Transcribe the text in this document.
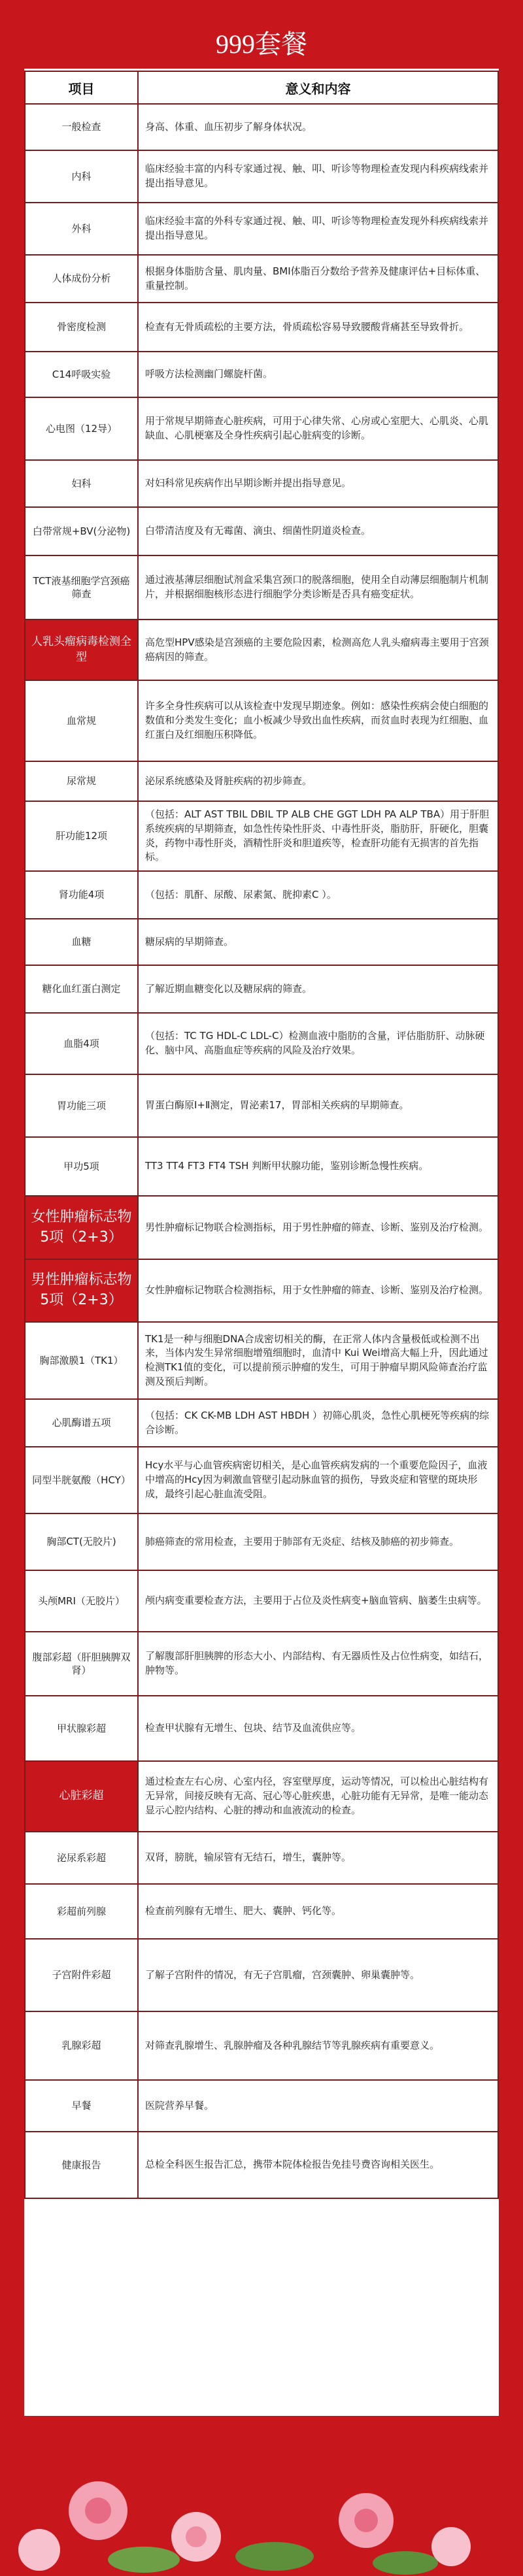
999套餐
项目	意义和内容
一般检查	身高、体重、血压初步了解身体状况。
内科	临床经验丰富的内科专家通过视、触、叩、听诊等物理检查发现内科疾病线索并提出指导意见。
外科	临床经验丰富的外科专家通过视、触、叩、听诊等物理检查发现外科疾病线索并提出指导意见。
人体成份分析	根据身体脂肪含量、肌肉量、BMI体脂百分数给予营养及健康评估+目标体重、重量控制。
骨密度检测	检查有无骨质疏松的主要方法，骨质疏松容易导致腰酸背痛甚至导致骨折。
C14呼吸实验	呼吸方法检测幽门螺旋杆菌。
心电图（12导）	用于常规早期筛查心脏疾病，可用于心律失常、心房或心室肥大、心肌炎、心肌缺血、心肌梗塞及全身性疾病引起心脏病变的诊断。
妇科	对妇科常见疾病作出早期诊断并提出指导意见。
白带常规+BV(分泌物)	白带清洁度及有无霉菌、滴虫、细菌性阴道炎检查。
TCT液基细胞学宫颈癌筛查	通过液基薄层细胞试剂盒采集宫颈口的脱落细胞，使用全自动薄层细胞制片机制片，并根据细胞核形态进行细胞学分类诊断是否具有癌变症状。
人乳头瘤病毒检测全型	高危型HPV感染是宫颈癌的主要危险因素，检测高危人乳头瘤病毒主要用于宫颈癌病因的筛查。
血常规	许多全身性疾病可以从该检查中发现早期迹象。例如：感染性疾病会使白细胞的数值和分类发生变化；血小板减少导致出血性疾病，而贫血时表现为红细胞、血红蛋白及红细胞压积降低。
尿常规	泌尿系统感染及肾脏疾病的初步筛查。
肝功能12项	（包括：ALT AST TBIL DBIL TP ALB CHE GGT LDH PA ALP TBA）用于肝胆系统疾病的早期筛查，如急性传染性肝炎、中毒性肝炎，脂肪肝，肝硬化，胆囊炎，药物中毒性肝炎，酒精性肝炎和胆道疾等，检查肝功能有无损害的首先指标。
肾功能4项	（包括：肌酐、尿酸、尿素氮、胱抑素C ）。
血糖	糖尿病的早期筛查。
糖化血红蛋白测定	了解近期血糖变化以及糖尿病的筛查。
血脂4项	（包括：TC TG HDL-C LDL-C）检测血液中脂肪的含量，评估脂肪肝、动脉硬化、脑中风、高脂血症等疾病的风险及治疗效果。
胃功能三项	胃蛋白酶原Ⅰ+Ⅱ测定，胃泌素17，胃部相关疾病的早期筛查。
甲功5项	TT3 TT4 FT3 FT4 TSH 判断甲状腺功能，鉴别诊断急慢性疾病。
女性肿瘤标志物5项（2+3）	男性肿瘤标记物联合检测指标，用于男性肿瘤的筛查、诊断、鉴别及治疗检测。
男性肿瘤标志物5项（2+3）	女性肿瘤标记物联合检测指标，用于女性肿瘤的筛查、诊断、鉴别及治疗检测。
胸部激膜1（TK1）	TK1是一种与细胞DNA合成密切相关的酶，在正常人体内含量极低或检测不出来，当体内发生异常细胞增殖细胞时，血清中 Kui Wei增高大幅上升，因此通过检测TK1值的变化，可以提前预示肿瘤的发生，可用于肿瘤早期风险筛查治疗监测及预后判断。
心肌酶谱五项	（包括：CK CK-MB LDH AST HBDH ）初筛心肌炎，急性心肌梗死等疾病的综合诊断。
同型半胱氨酸（HCY）	Hcy水平与心血管疾病密切相关，是心血管疾病发病的一个重要危险因子，血液中增高的Hcy因为刺激血管壁引起动脉血管的损伤，导致炎症和管壁的斑块形成，最终引起心脏血流受阻。
胸部CT(无胶片)	肺癌筛查的常用检查，主要用于肺部有无炎症、结核及肺癌的初步筛查。
头颅MRI（无胶片）	颅内病变重要检查方法，主要用于占位及炎性病变+脑血管病、脑萎生虫病等。
腹部彩超（肝胆胰脾双肾）	了解腹部肝胆胰脾的形态大小、内部结构、有无器质性及占位性病变，如结石，肿物等。
甲状腺彩超	检查甲状腺有无增生、包块、结节及血流供应等。
心脏彩超	通过检查左右心房、心室内径，容室壁厚度，运动等情况，可以检出心脏结构有无异常，间接反映有无高、冠心等心脏疾患，心脏功能有无异常，是唯一能动态显示心腔内结构、心脏的搏动和血液流动的检查。
泌尿系彩超	双肾，膀胱，输尿管有无结石，增生，囊肿等。
彩超前列腺	检查前列腺有无增生、肥大、囊肿、钙化等。
子宫附件彩超	了解子宫附件的情况，有无子宫肌瘤，宫颈囊肿、卵巢囊肿等。
乳腺彩超	对筛查乳腺增生、乳腺肿瘤及各种乳腺结节等乳腺疾病有重要意义。
早餐	医院营养早餐。
健康报告	总检全科医生报告汇总，携带本院体检报告免挂号费咨询相关医生。
